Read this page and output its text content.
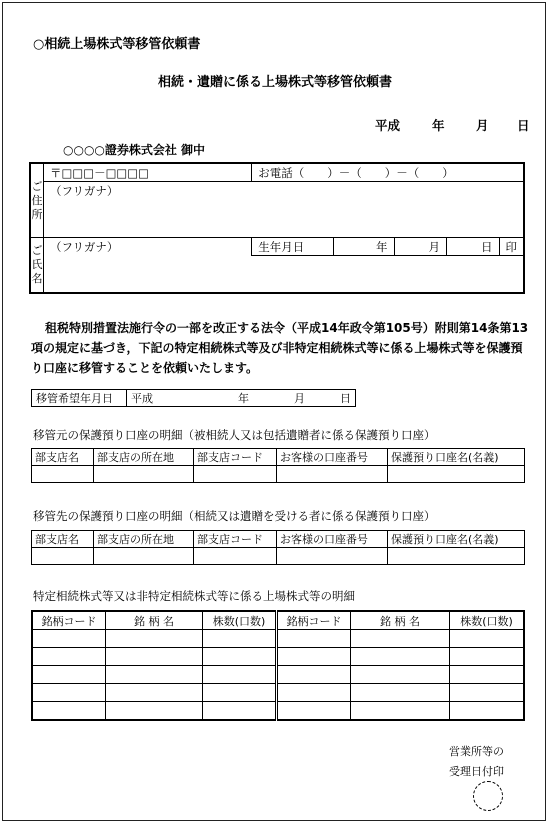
○相続上場株式等移管依頼書
相続・遺贈に係る上場株式等移管依頼書
平成	年	月 日
○○○○證券株式会社 御中
ご住所	〒□□□－□□□□	お電話（　　）－（　　）－（　　）				
	（フリガナ）					

ご氏名	（フリガナ）	生年月日	年	月	日	印

租税特別措置法施行令の一部を改正する法令（平成14年政令第105号）附則第14条第13項の規定に基づき，下記の特定相続株式等及び非特定相続株式等に係る上場株式等を保護預り口座に移管することを依頼いたします。
移管希望年月日	平成	年	月	日
移管元の保護預り口座の明細（被相続人又は包括遺贈者に係る保護預り口座）
部支店名	部支店の所在地	部支店コード	お客様の口座番号	保護預り口座名(名義)

移管先の保護預り口座の明細（相続又は遺贈を受ける者に係る保護預り口座）
部支店名	部支店の所在地	部支店コード	お客様の口座番号	保護預り口座名(名義)

特定相続株式等又は非特定相続株式等に係る上場株式等の明細
銘柄コード	銘 柄 名	株数(口数)	銘柄コード	銘 柄 名	株数(口数)

営業所等の
受理日付印
